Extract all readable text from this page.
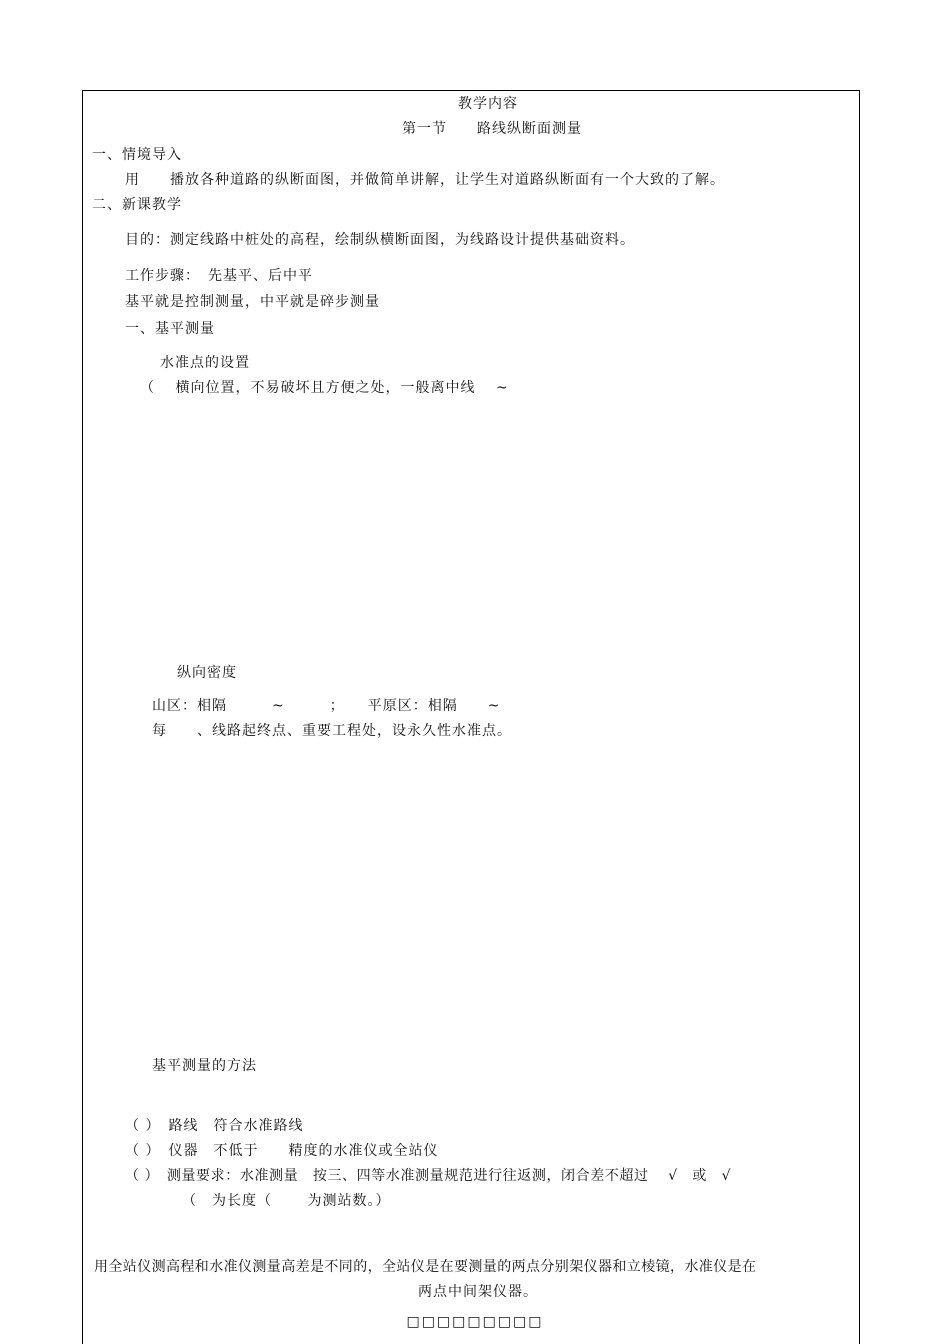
教学内容
第一节　　路线纵断面测量
一、情境导入
用　　播放各种道路的纵断面图，并做简单讲解，让学生对道路纵断面有一个大致的了解。
二、新课教学
目的：测定线路中桩处的高程，绘制纵横断面图，为线路设计提供基础资料。
工作步骤：　先基平、后中平
基平就是控制测量，中平就是碎步测量
一、基平测量
水准点的设置
（　 横向位置，不易破坏且方便之处，一般离中线　 ~
纵向密度
山区：相隔　　　~　　　；　　平原区：相隔　　~
每　　、线路起终点、重要工程处，设永久性水准点。
基平测量的方法
（ ）　路线　符合水准路线
（ ）　仪器　不低于　　精度的水准仪或全站仪
（ ）　测量要求：水准测量　按三、四等水准测量规范进行往返测，闭合差不超过　 √　或　√
（　为长度（　　 为测站数。）
用全站仪测高程和水准仪测量高差是不同的，全站仪是在要测量的两点分别架仪器和立棱镜，水准仪是在
两点中间架仪器。
□□□□□□□□□
